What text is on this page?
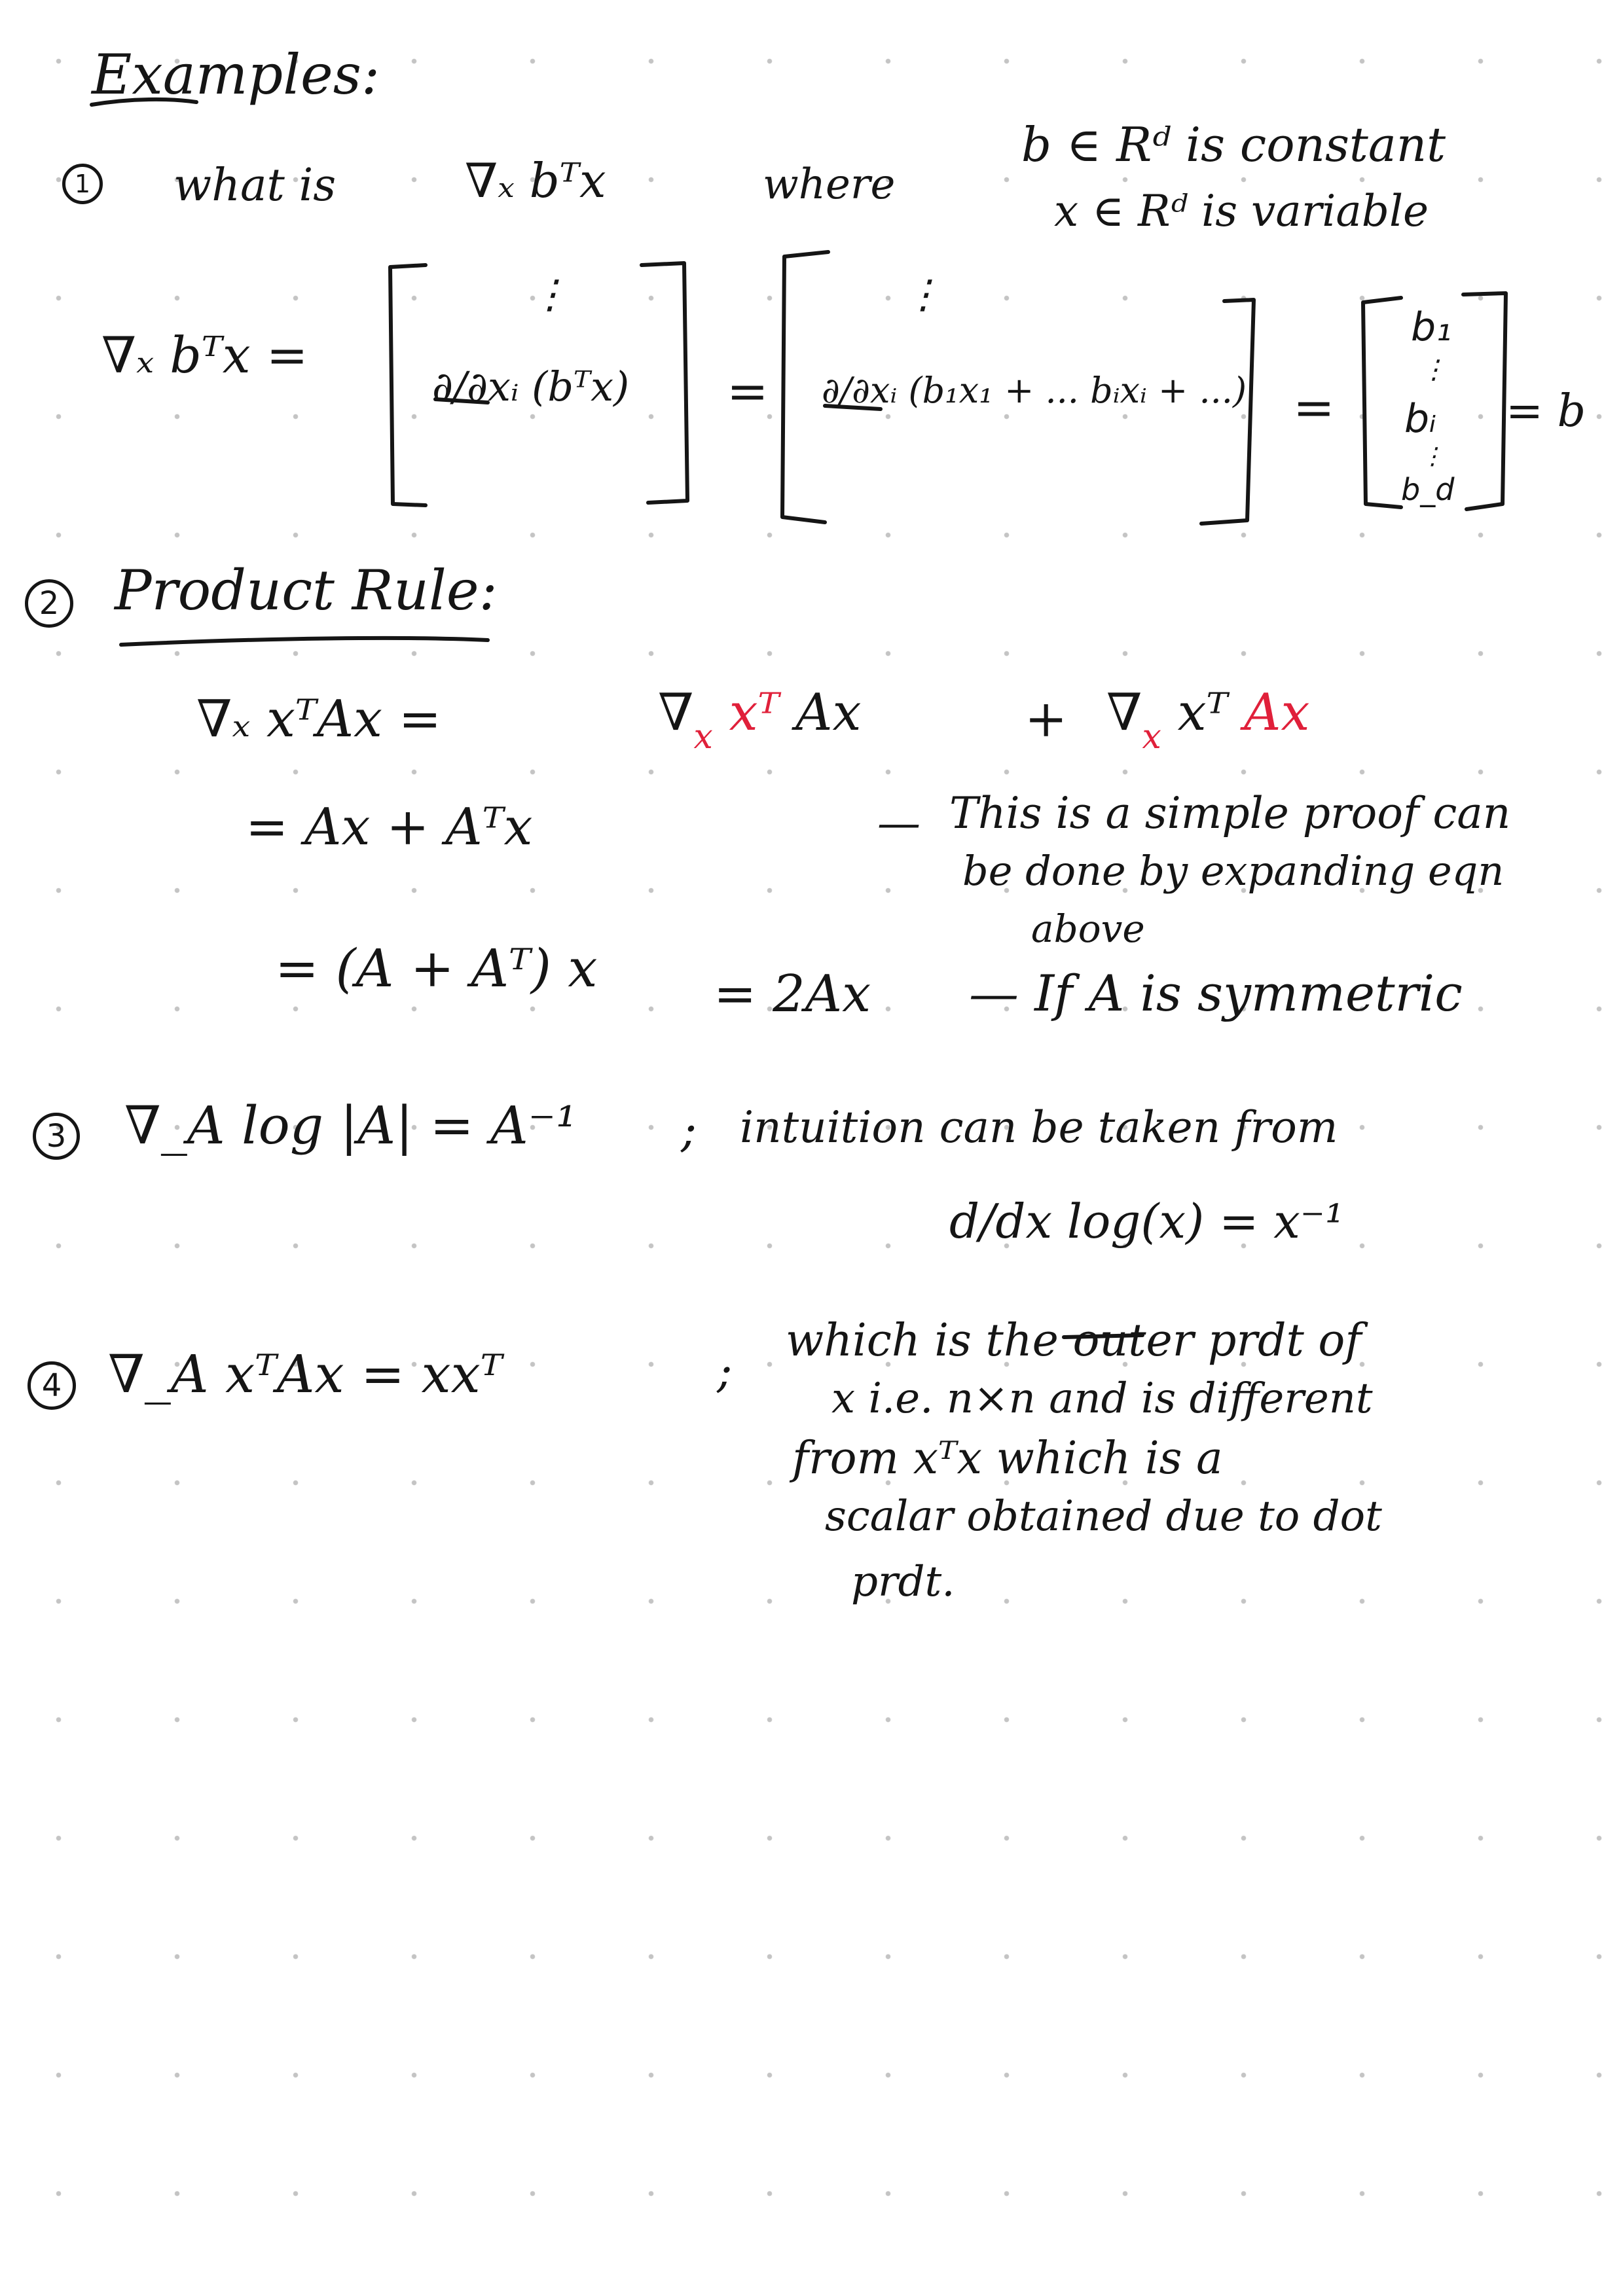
Examples:
1 what is	∇ₓ bᵀx	where
b ∈ Rᵈ is constant
x ∈ Rᵈ is variable
∇ₓ bᵀx =
⋮
∂/∂xᵢ (bᵀx) =
⋮
∂/∂xᵢ (b₁x₁ + ... bᵢxᵢ + ...) =
b₁
⋮
bᵢ
⋮
b_d
= b
2 Product Rule:
∇ₓ xᵀAx =	$\nabla_x$ xᵀ Ax	+ $\nabla_x$ xᵀ Ax
= Ax + Aᵀx	— This is a simple proof can
be done by expanding eqn
above
= (A + Aᵀ) x = 2Ax — If A is symmetric
3 ∇_A log |A| = A⁻¹ ; intuition can be taken from
d/dx log(x) = x⁻¹
4 ∇_A xᵀAx = xxᵀ	;
which is the outer prdt of
x i.e. n×n and is different
from xᵀx which is a
scalar obtained due to dot
prdt.
